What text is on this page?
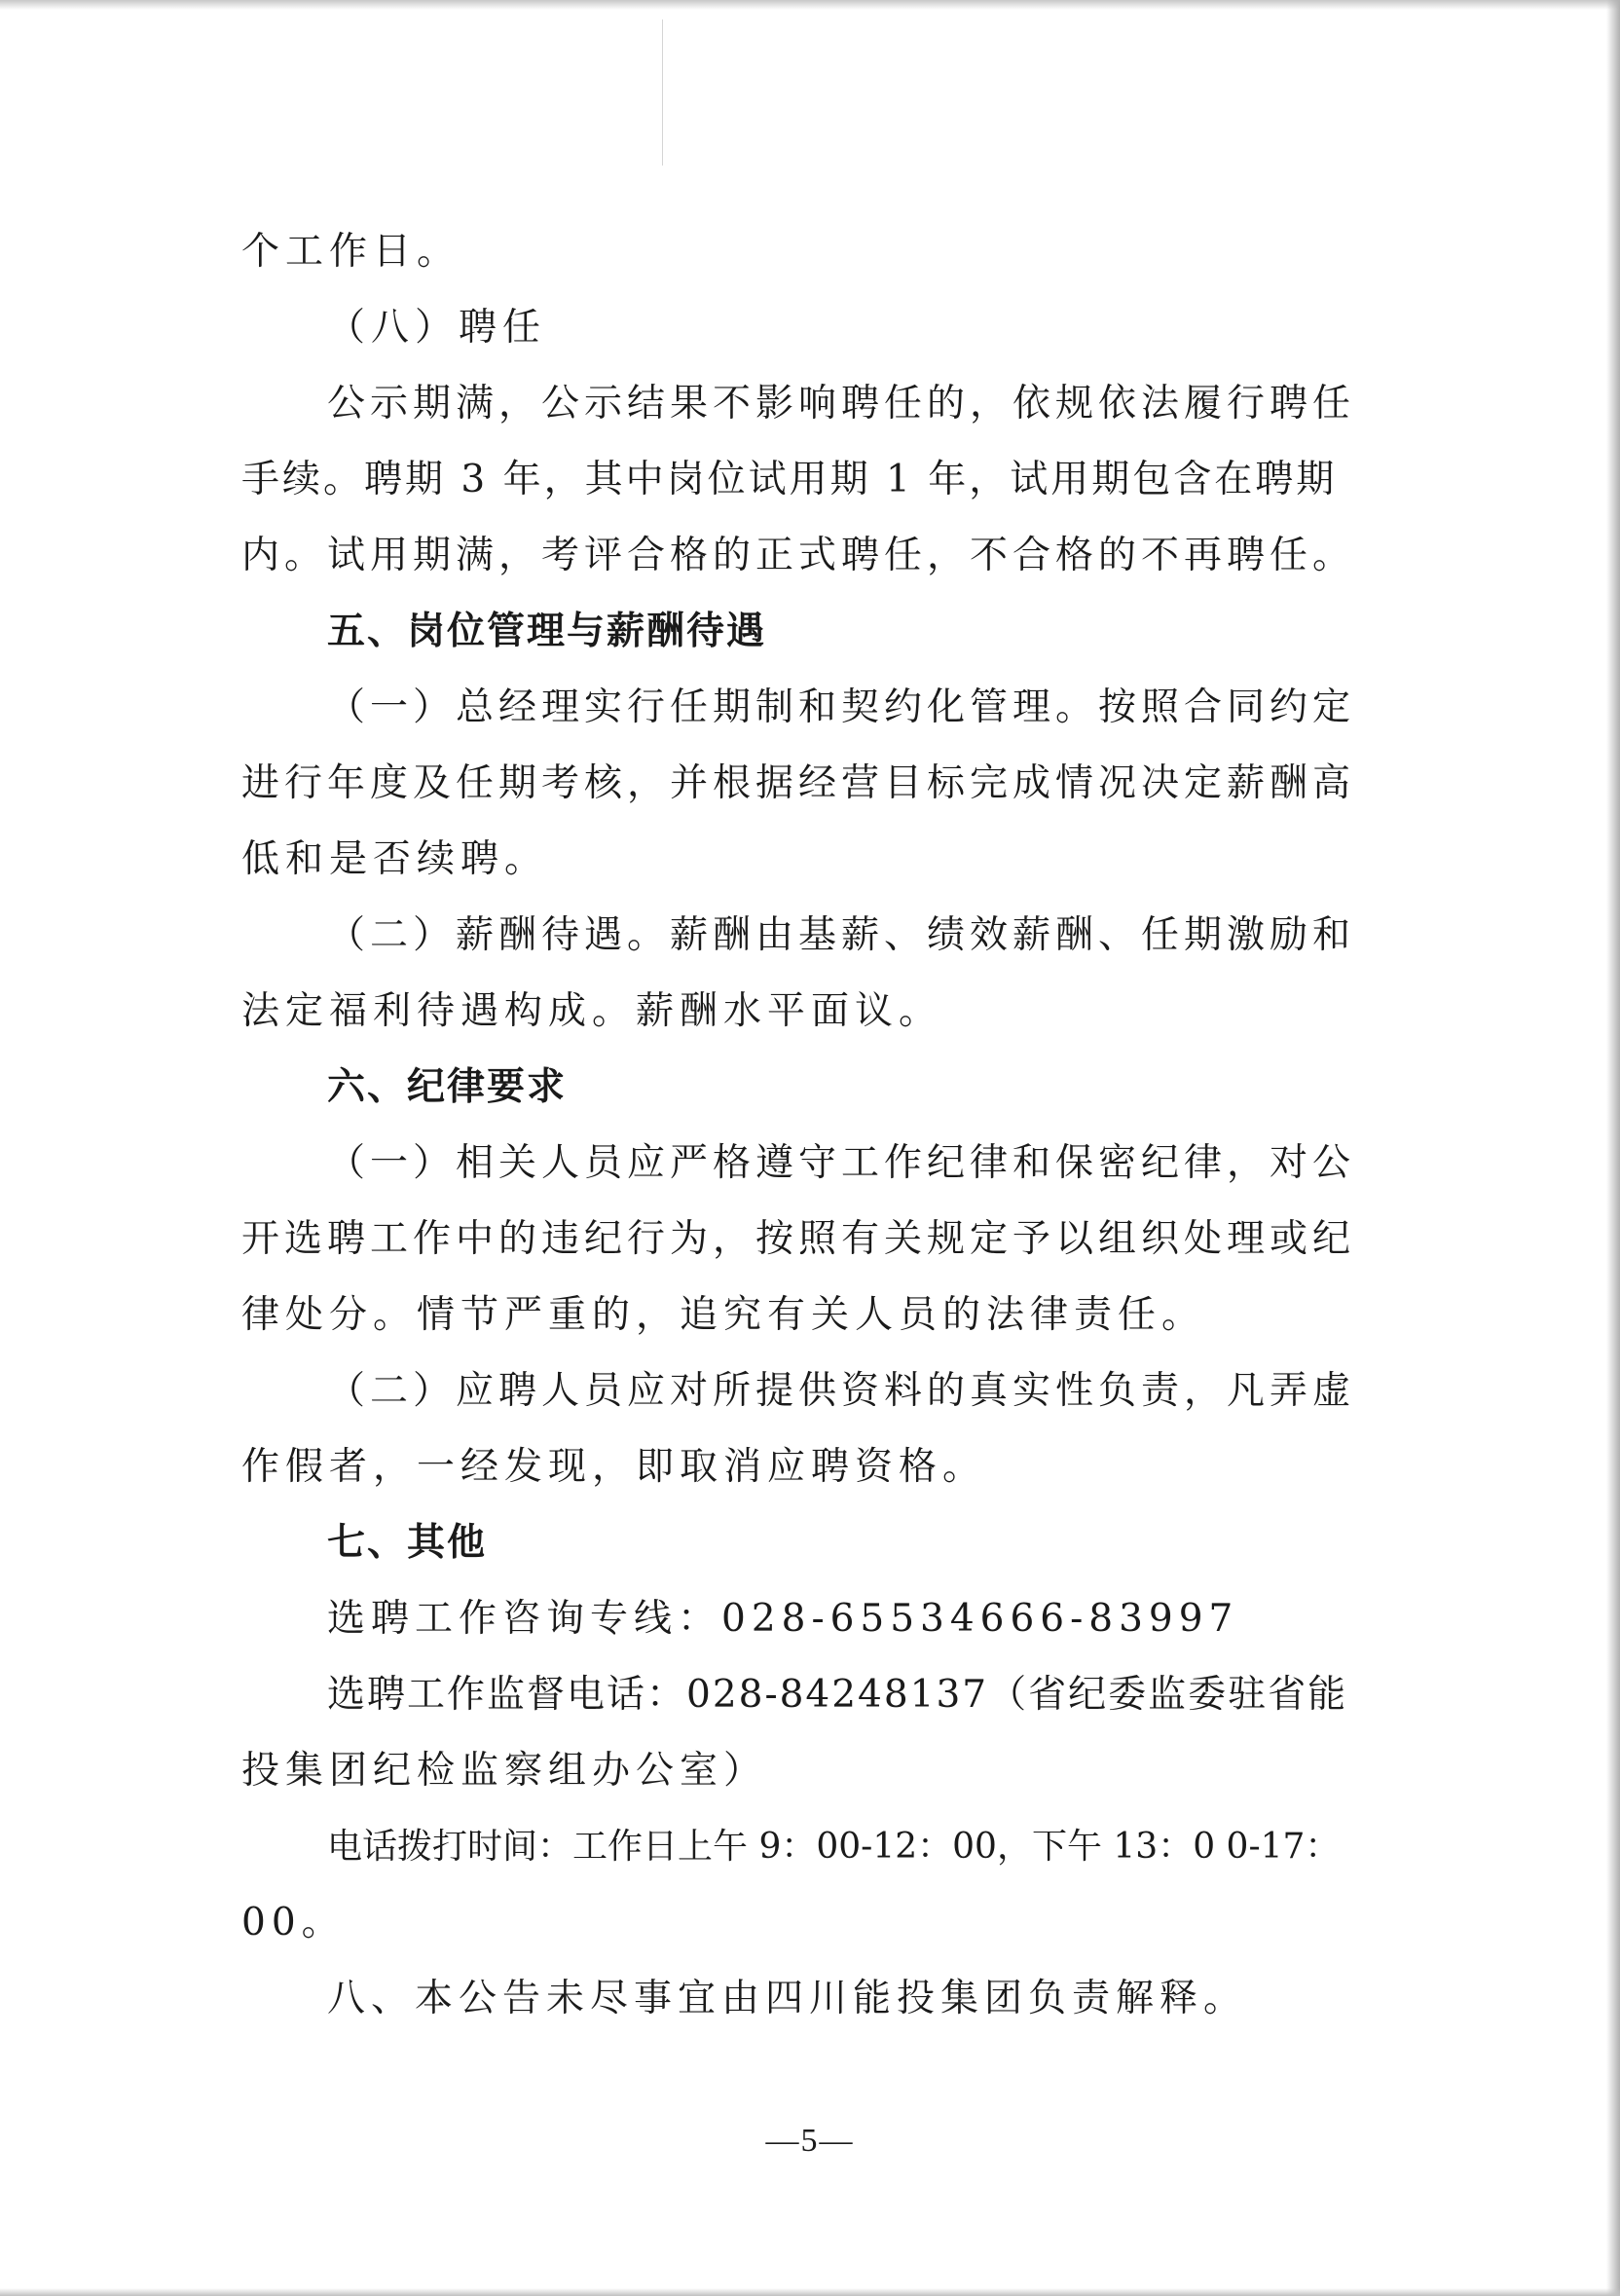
个工作日。
（八）聘任
公示期满，公示结果不影响聘任的，依规依法履行聘任
手续。聘期 3 年，其中岗位试用期 1 年，试用期包含在聘期
内。试用期满，考评合格的正式聘任，不合格的不再聘任。
五、岗位管理与薪酬待遇
（一）总经理实行任期制和契约化管理。按照合同约定
进行年度及任期考核，并根据经营目标完成情况决定薪酬高
低和是否续聘。
（二）薪酬待遇。薪酬由基薪、绩效薪酬、任期激励和
法定福利待遇构成。薪酬水平面议。
六、纪律要求
（一）相关人员应严格遵守工作纪律和保密纪律，对公
开选聘工作中的违纪行为，按照有关规定予以组织处理或纪
律处分。情节严重的，追究有关人员的法律责任。
（二）应聘人员应对所提供资料的真实性负责，凡弄虚
作假者，一经发现，即取消应聘资格。
七、其他
选聘工作咨询专线：028-65534666-83997
选聘工作监督电话：028-84248137（省纪委监委驻省能
投集团纪检监察组办公室）
电话拨打时间：工作日上午 9：00-12：00，下午 13：0 0-17：
00。
八、本公告未尽事宜由四川能投集团负责解释。
—5—
